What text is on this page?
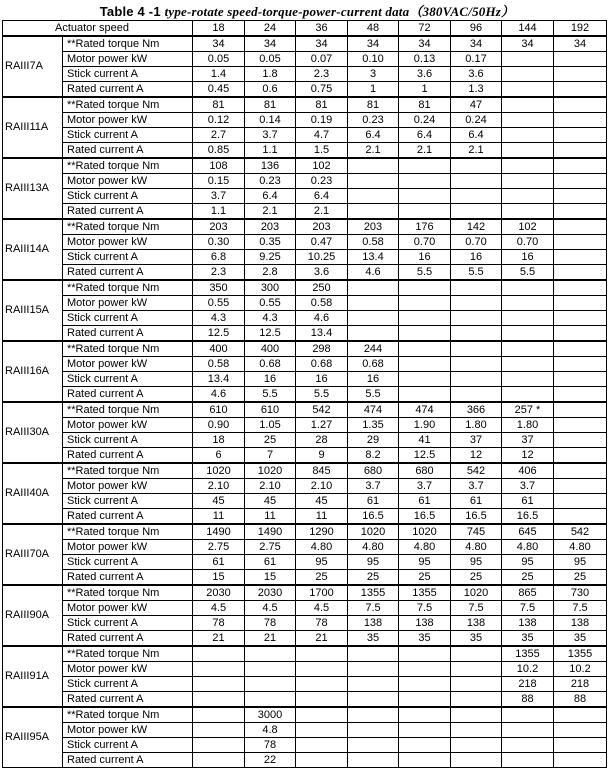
Table 4 -1 type-rotate speed-torque-power-current data（380VAC/50Hz）
Actuator speed		18	24	36	48	72	96	144	192
RAIII7A	**Rated torque Nm	34	34	34	34	34	34	34	34
	Motor power kW	0.05	0.05	0.07	0.10	0.13	0.17		
	Stick current A	1.4	1.8	2.3	3	3.6	3.6		
	Rated current A	0.45	0.6	0.75	1	1	1.3		
RAIII11A	**Rated torque Nm	81	81	81	81	81	47		
	Motor power kW	0.12	0.14	0.19	0.23	0.24	0.24		
	Stick current A	2.7	3.7	4.7	6.4	6.4	6.4		
	Rated current A	0.85	1.1	1.5	2.1	2.1	2.1		
RAIII13A	**Rated torque Nm	108	136	102					
	Motor power kW	0.15	0.23	0.23					
	Stick current A	3.7	6.4	6.4					
	Rated current A	1.1	2.1	2.1					
RAIII14A	**Rated torque Nm	203	203	203	203	176	142	102	
	Motor power kW	0.30	0.35	0.47	0.58	0.70	0.70	0.70	
	Stick current A	6.8	9.25	10.25	13.4	16	16	16	
	Rated current A	2.3	2.8	3.6	4.6	5.5	5.5	5.5	
RAIII15A	**Rated torque Nm	350	300	250					
	Motor power kW	0.55	0.55	0.58					
	Stick current A	4.3	4.3	4.6					
	Rated current A	12.5	12.5	13.4					
RAIII16A	**Rated torque Nm	400	400	298	244				
	Motor power kW	0.58	0.68	0.68	0.68				
	Stick current A	13.4	16	16	16				
	Rated current A	4.6	5.5	5.5	5.5				
RAIII30A	**Rated torque Nm	610	610	542	474	474	366	257 *	
	Motor power kW	0.90	1.05	1.27	1.35	1.90	1.80	1.80	
	Stick current A	18	25	28	29	41	37	37	
	Rated current A	6	7	9	8.2	12.5	12	12	
RAIII40A	**Rated torque Nm	1020	1020	845	680	680	542	406	
	Motor power kW	2.10	2.10	2.10	3.7	3.7	3.7	3.7	
	Stick current A	45	45	45	61	61	61	61	
	Rated current A	11	11	11	16.5	16.5	16.5	16.5	
RAIII70A	**Rated torque Nm	1490	1490	1290	1020	1020	745	645	542
	Motor power kW	2.75	2.75	4.80	4.80	4.80	4.80	4.80	4.80
	Stick current A	61	61	95	95	95	95	95	95
	Rated current A	15	15	25	25	25	25	25	25
RAIII90A	**Rated torque Nm	2030	2030	1700	1355	1355	1020	865	730
	Motor power kW	4.5	4.5	4.5	7.5	7.5	7.5	7.5	7.5
	Stick current A	78	78	78	138	138	138	138	138
	Rated current A	21	21	21	35	35	35	35	35
RAIII91A	**Rated torque Nm							1355	1355
	Motor power kW							10.2	10.2
	Stick current A							218	218
	Rated current A							88	88
RAIII95A	**Rated torque Nm		3000						
	Motor power kW		4.8						
	Stick current A		78						
	Rated current A		22						
